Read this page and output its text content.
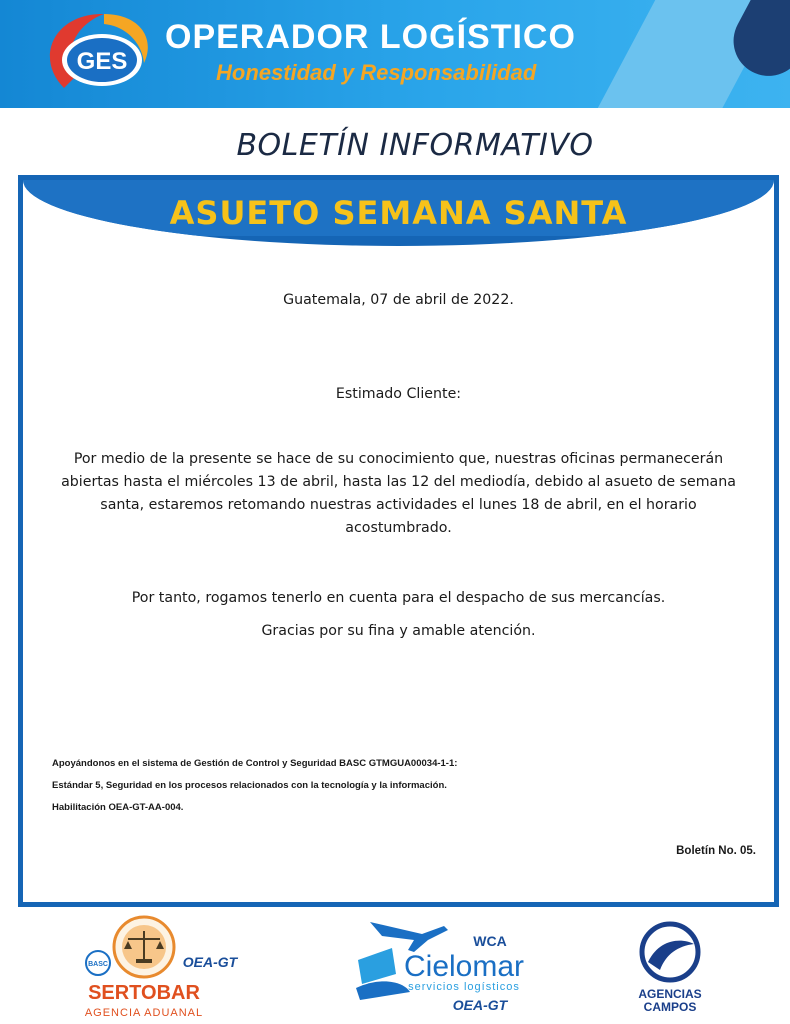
GES
OPERADOR LOGÍSTICO
Honestidad y Responsabilidad
BOLETÍN INFORMATIVO
ASUETO SEMANA SANTA
Guatemala, 07 de abril de 2022.
Estimado Cliente:
Por medio de la presente se hace de su conocimiento que, nuestras oficinas permanecerán abiertas hasta el miércoles 13 de abril, hasta las 12 del mediodía, debido al asueto de semana santa, estaremos retomando nuestras actividades el lunes 18 de abril, en el horario acostumbrado.
Por tanto, rogamos tenerlo en cuenta para el despacho de sus mercancías.
Gracias por su fina y amable atención.
Apoyándonos en el sistema de Gestión de Control y Seguridad BASC GTMGUA00034-1-1:
Estándar 5, Seguridad en los procesos relacionados con la tecnología y la información.
Habilitación OEA-GT-AA-004.
Boletín No. 05.
BASC	OEA-GT
SERTOBAR
AGENCIA ADUANAL
WCA
Cielomar
servicios logísticos
OEA-GT
AGENCIAS
CAMPOS
